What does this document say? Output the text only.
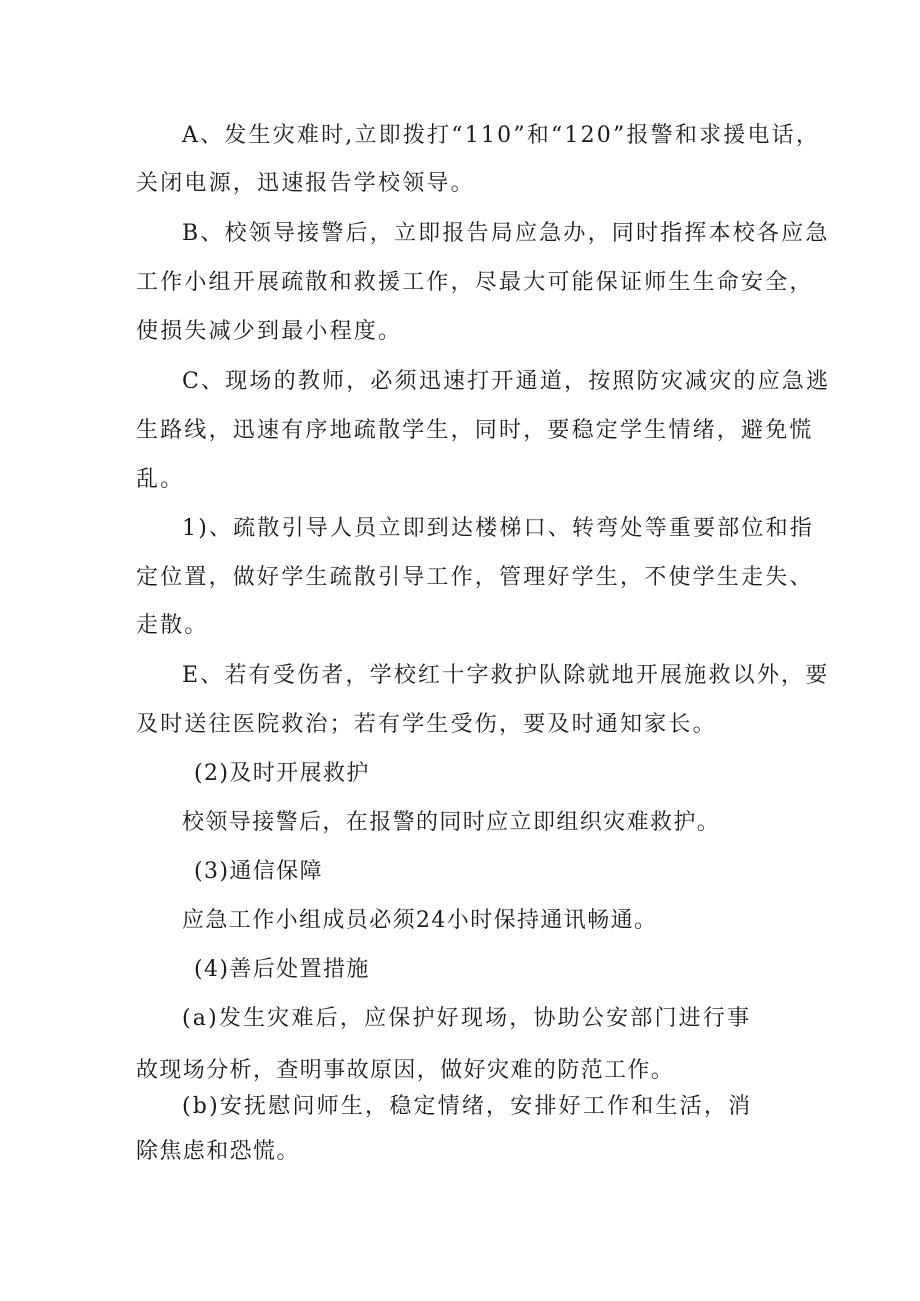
A、发生灾难时,立即拨打“110”和“120”报警和求援电话，
关闭电源，迅速报告学校领导。
B、校领导接警后，立即报告局应急办，同时指挥本校各应急
工作小组开展疏散和救援工作，尽最大可能保证师生生命安全，
使损失减少到最小程度。
C、现场的教师，必须迅速打开通道，按照防灾减灾的应急逃
生路线，迅速有序地疏散学生，同时，要稳定学生情绪，避免慌
乱。
1)、疏散引导人员立即到达楼梯口、转弯处等重要部位和指
定位置，做好学生疏散引导工作，管理好学生，不使学生走失、
走散。
E、若有受伤者，学校红十字救护队除就地开展施救以外，要
及时送往医院救治；若有学生受伤，要及时通知家长。
(2)及时开展救护
校领导接警后，在报警的同时应立即组织灾难救护。
(3)通信保障
应急工作小组成员必须24小时保持通讯畅通。
(4)善后处置措施
(a)发生灾难后，应保护好现场，协助公安部门进行事
故现场分析，查明事故原因，做好灾难的防范工作。
(b)安抚慰问师生，稳定情绪，安排好工作和生活，消
除焦虑和恐慌。
